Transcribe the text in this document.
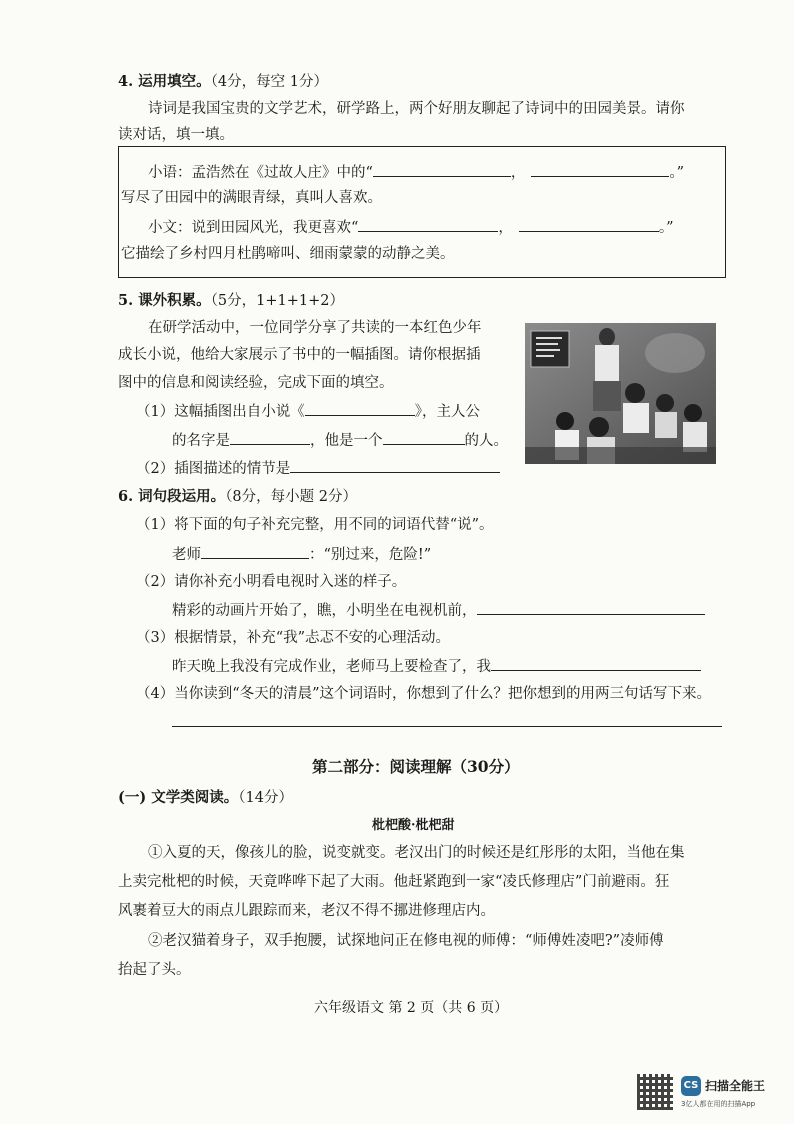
4. 运用填空。（4分，每空 1分）
诗词是我国宝贵的文学艺术，研学路上，两个好朋友聊起了诗词中的田园美景。请你
读对话，填一填。
小语：孟浩然在《过故人庄》中的“	，	。”
写尽了田园中的满眼青绿，真叫人喜欢。
小文：说到田园风光，我更喜欢“	，	。”
它描绘了乡村四月杜鹃啼叫、细雨蒙蒙的动静之美。
5. 课外积累。（5分，1+1+1+2）
在研学活动中，一位同学分享了共读的一本红色少年
成长小说，他给大家展示了书中的一幅插图。请你根据插
图中的信息和阅读经验，完成下面的填空。
（1）这幅插图出自小说《	》，主人公
的名字是	，他是一个	的人。
（2）插图描述的情节是
6. 词句段运用。（8分，每小题 2分）
（1）将下面的句子补充完整，用不同的词语代替“说”。
老师	：“别过来，危险!”
（2）请你补充小明看电视时入迷的样子。
精彩的动画片开始了，瞧，小明坐在电视机前，
（3）根据情景，补充“我”忐忑不安的心理活动。
昨天晚上我没有完成作业，老师马上要检查了，我
（4）当你读到“冬天的清晨”这个词语时，你想到了什么？把你想到的用两三句话写下来。
第二部分：阅读理解（30分）
(一) 文学类阅读。（14分）
枇杷酸·枇杷甜
①入夏的天，像孩儿的脸，说变就变。老汉出门的时候还是红彤彤的太阳，当他在集
上卖完枇杷的时候，天竟哗哗下起了大雨。他赶紧跑到一家“凌氏修理店”门前避雨。狂
风裹着豆大的雨点儿跟踪而来，老汉不得不挪进修理店内。
②老汉猫着身子，双手抱腰，试探地问正在修电视的师傅：“师傅姓凌吧?”凌师傅
抬起了头。
六年级语文 第 2 页（共 6 页）
CS 扫描全能王
3亿人都在用的扫描App
